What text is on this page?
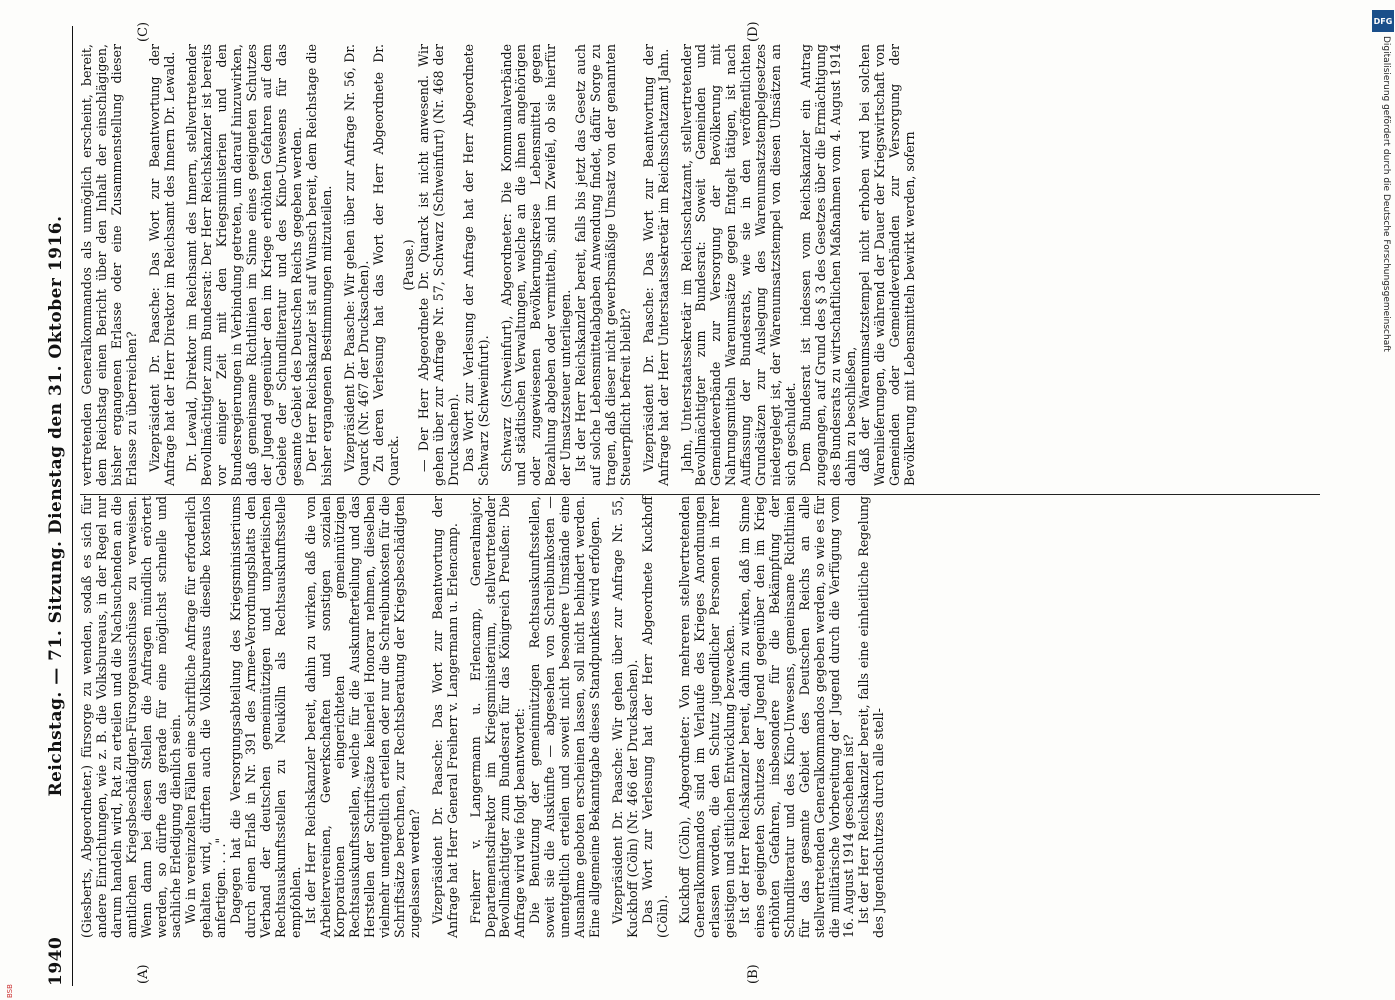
1940
Reichstag. — 71. Sitzung. Dienstag den 31. Oktober 1916.
(A)	(B)
(C)	(D)

(Giesberts, Abgeordneter.) fürsorge zu wenden, sodaß es sich für andere Einrichtungen, wie z. B. die Volksbureaus, in der Regel nur darum handeln wird, Rat zu erteilen und die Nachsuchenden an die amtlichen Kriegsbeschädigten-Fürsorgeausschüsse zu verweisen. Wenn dann bei diesen Stellen die Anfragen mündlich erörtert werden, so dürfte das gerade für eine möglichst schnelle und sachliche Erledigung dienlich sein. Wo in vereinzelten Fällen eine schriftliche Anfrage für erforderlich gehalten wird, dürften auch die Volksbureaus dieselbe kostenlos anfertigen. . . ." Dagegen hat die Versorgungsabteilung des Kriegsministeriums durch einen Erlaß in Nr. 391 des Armee-Verordnungsblatts den Verband der deutschen gemeinnützigen und unparteiischen Rechtsauskunftsstellen zu Neukölln als Rechtsauskunftsstelle empfohlen. Ist der Herr Reichskanzler bereit, dahin zu wirken, daß die von Arbeitervereinen, Gewerkschaften und sonstigen sozialen Korporationen eingerichteten gemeinnützigen Rechtsauskunftsstellen, welche für die Auskunfterteilung und das Herstellen der Schriftsätze keinerlei Honorar nehmen, dieselben vielmehr unentgeltlich erteilen oder nur die Schreibunkosten für die Schriftsätze berechnen, zur Rechtsberatung der Kriegsbeschädigten zugelassen werden? Vizepräsident Dr. Paasche: Das Wort zur Beantwortung der Anfrage hat Herr General Freiherr v. Langermann u. Erlencamp. Freiherr v. Langermann u. Erlencamp, Generalmajor, Departementsdirektor im Kriegsministerium, stellvertretender Bevollmächtigter zum Bundesrat für das Königreich Preußen: Die Anfrage wird wie folgt beantwortet: Die Benutzung der gemeinnützigen Rechtsauskunftsstellen, soweit sie die Auskünfte — abgesehen von Schreibunkosten — unentgeltlich erteilen und soweit nicht besondere Umstände eine Ausnahme geboten erscheinen lassen, soll nicht behindert werden. Eine allgemeine Bekanntgabe dieses Standpunktes wird erfolgen. Vizepräsident Dr. Paasche: Wir gehen über zur Anfrage Nr. 55, Kuckhoff (Cöln) (Nr. 466 der Drucksachen). Das Wort zur Verlesung hat der Herr Abgeordnete Kuckhoff (Cöln). Kuckhoff (Cöln), Abgeordneter: Von mehreren stellvertretenden Generalkommandos sind im Verlaufe des Krieges Anordnungen erlassen worden, die den Schutz jugendlicher Personen in ihrer geistigen und sittlichen Entwicklung bezwecken. Ist der Herr Reichskanzler bereit, dahin zu wirken, daß im Sinne eines geeigneten Schutzes der Jugend gegenüber den im Krieg erhöhten Gefahren, insbesondere für die Bekämpfung der Schundliteratur und des Kino-Unwesens, gemeinsame Richtlinien für das gesamte Gebiet des Deutschen Reichs an alle stellvertretenden Generalkommandos gegeben werden, so wie es für die militärische Vorbereitung der Jugend durch die Verfügung vom 16. August 1914 geschehen ist? Ist der Herr Reichskanzler bereit, falls eine einheitliche Regelung des Jugendschutzes durch alle stell-

vertretenden Generalkommandos als unmöglich erscheint, bereit, dem Reichstag einen Bericht über den Inhalt der einschlägigen, bisher ergangenen Erlasse oder eine Zusammenstellung dieser Erlasse zu überreichen? Vizepräsident Dr. Paasche: Das Wort zur Beantwortung der Anfrage hat der Herr Direktor im Reichsamt des Innern Dr. Lewald. Dr. Lewald, Direktor im Reichsamt des Innern, stellvertretender Bevollmächtigter zum Bundesrat: Der Herr Reichskanzler ist bereits vor einiger Zeit mit den Kriegsministerien und den Bundesregierungen in Verbindung getreten, um darauf hinzuwirken, daß gemeinsame Richtlinien im Sinne eines geeigneten Schutzes der Jugend gegenüber den im Kriege erhöhten Gefahren auf dem Gebiete der Schundliteratur und des Kino-Unwesens für das gesamte Gebiet des Deutschen Reichs gegeben werden. Der Herr Reichskanzler ist auf Wunsch bereit, dem Reichstage die bisher ergangenen Bestimmungen mitzuteilen. Vizepräsident Dr. Paasche: Wir gehen über zur Anfrage Nr. 56, Dr. Quarck (Nr. 467 der Drucksachen). Zu deren Verlesung hat das Wort der Herr Abgeordnete Dr. Quarck.

(Pause.) — Der Herr Abgeordnete Dr. Quarck ist nicht anwesend. Wir gehen über zur Anfrage Nr. 57, Schwarz (Schweinfurt) (Nr. 468 der Drucksachen). Das Wort zur Verlesung der Anfrage hat der Herr Abgeordnete Schwarz (Schweinfurt). Schwarz (Schweinfurt), Abgeordneter: Die Kommunalverbände und städtischen Verwaltungen, welche an die ihnen angehörigen oder zugewiesenen Bevölkerungskreise Lebensmittel gegen Bezahlung abgeben oder vermitteln, sind im Zweifel, ob sie hierfür der Umsatzsteuer unterliegen. Ist der Herr Reichskanzler bereit, falls bis jetzt das Gesetz auch auf solche Lebensmittelabgaben Anwendung findet, dafür Sorge zu tragen, daß dieser nicht gewerbsmäßige Umsatz von der genannten Steuerpflicht befreit bleibt? Vizepräsident Dr. Paasche: Das Wort zur Beantwortung der Anfrage hat der Herr Unterstaatssekretär im Reichsschatzamt Jahn. Jahn, Unterstaatssekretär im Reichsschatzamt, stellvertretender Bevollmächtigter zum Bundesrat: Soweit Gemeinden und Gemeindeverbände zur Versorgung der Bevölkerung mit Nahrungsmitteln Warenumsätze gegen Entgelt tätigen, ist nach Auffassung der Bundesrats, wie sie in den veröffentlichten Grundsätzen zur Auslegung des Warenumsatzstempelgesetzes niedergelegt ist, der Warenumsatzstempel von diesen Umsätzen an sich geschuldet. Dem Bundesrat ist indessen vom Reichskanzler ein Antrag zugegangen, auf Grund des § 3 des Gesetzes über die Ermächtigung des Bundesrats zu wirtschaftlichen Maßnahmen vom 4. August 1914 dahin zu beschließen, daß der Warenumsatzstempel nicht erhoben wird bei solchen Warenlieferungen, die während der Dauer der Kriegswirtschaft von Gemeinden oder Gemeindeverbänden zur Versorgung der Bevölkerung mit Lebensmitteln bewirkt werden, sofern

DFG
Digitalisierung gefördert durch die Deutsche Forschungsgemeinschaft
BSB
